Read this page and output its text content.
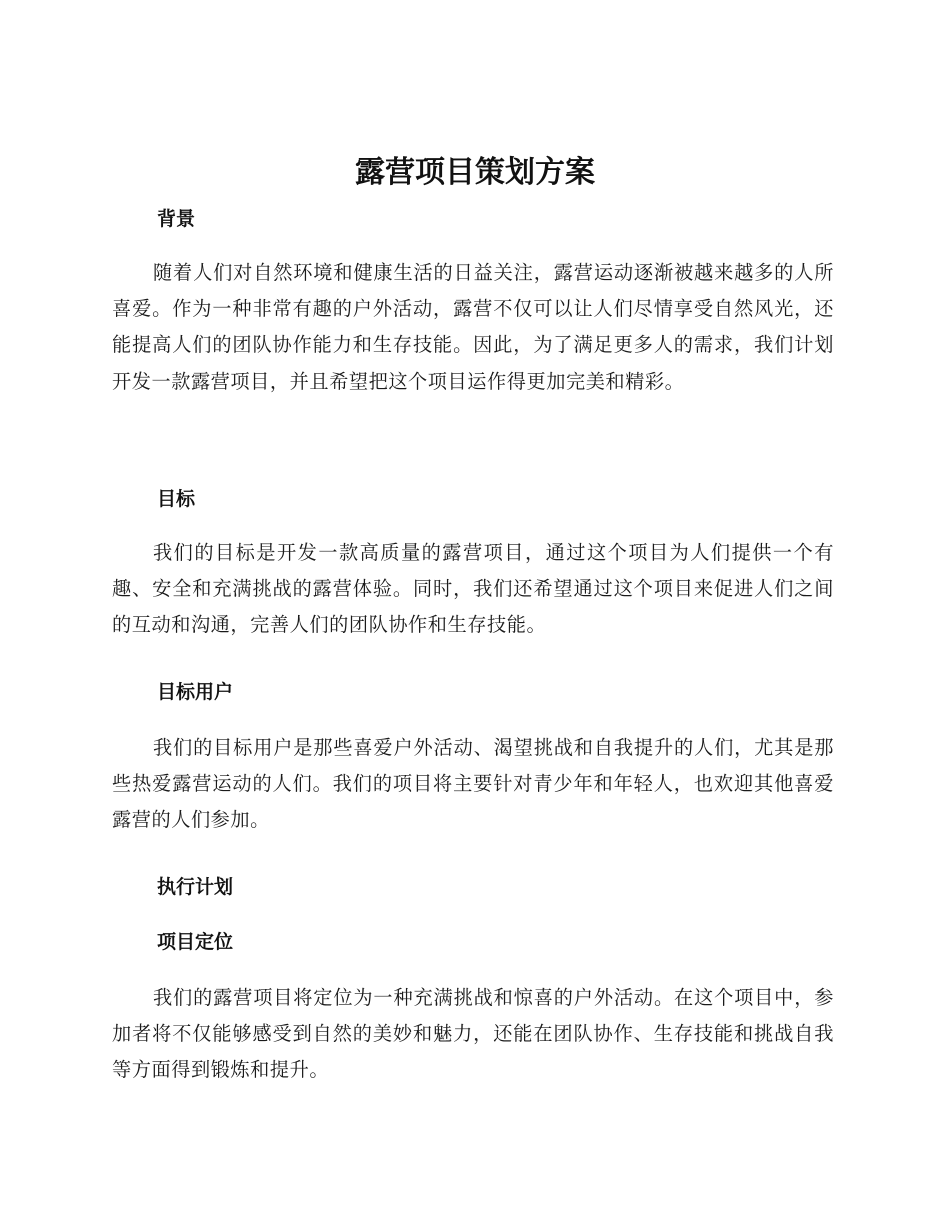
露营项目策划方案
背景

随着人们对自然环境和健康生活的日益关注，露营运动逐渐被越来越多的人所喜爱。作为一种非常有趣的户外活动，露营不仅可以让人们尽情享受自然风光，还能提高人们的团队协作能力和生存技能。因此，为了满足更多人的需求，我们计划开发一款露营项目，并且希望把这个项目运作得更加完美和精彩。

目标

我们的目标是开发一款高质量的露营项目，通过这个项目为人们提供一个有趣、安全和充满挑战的露营体验。同时，我们还希望通过这个项目来促进人们之间的互动和沟通，完善人们的团队协作和生存技能。

目标用户

我们的目标用户是那些喜爱户外活动、渴望挑战和自我提升的人们，尤其是那些热爱露营运动的人们。我们的项目将主要针对青少年和年轻人，也欢迎其他喜爱露营的人们参加。

执行计划
项目定位

我们的露营项目将定位为一种充满挑战和惊喜的户外活动。在这个项目中，参加者将不仅能够感受到自然的美妙和魅力，还能在团队协作、生存技能和挑战自我等方面得到锻炼和提升。
